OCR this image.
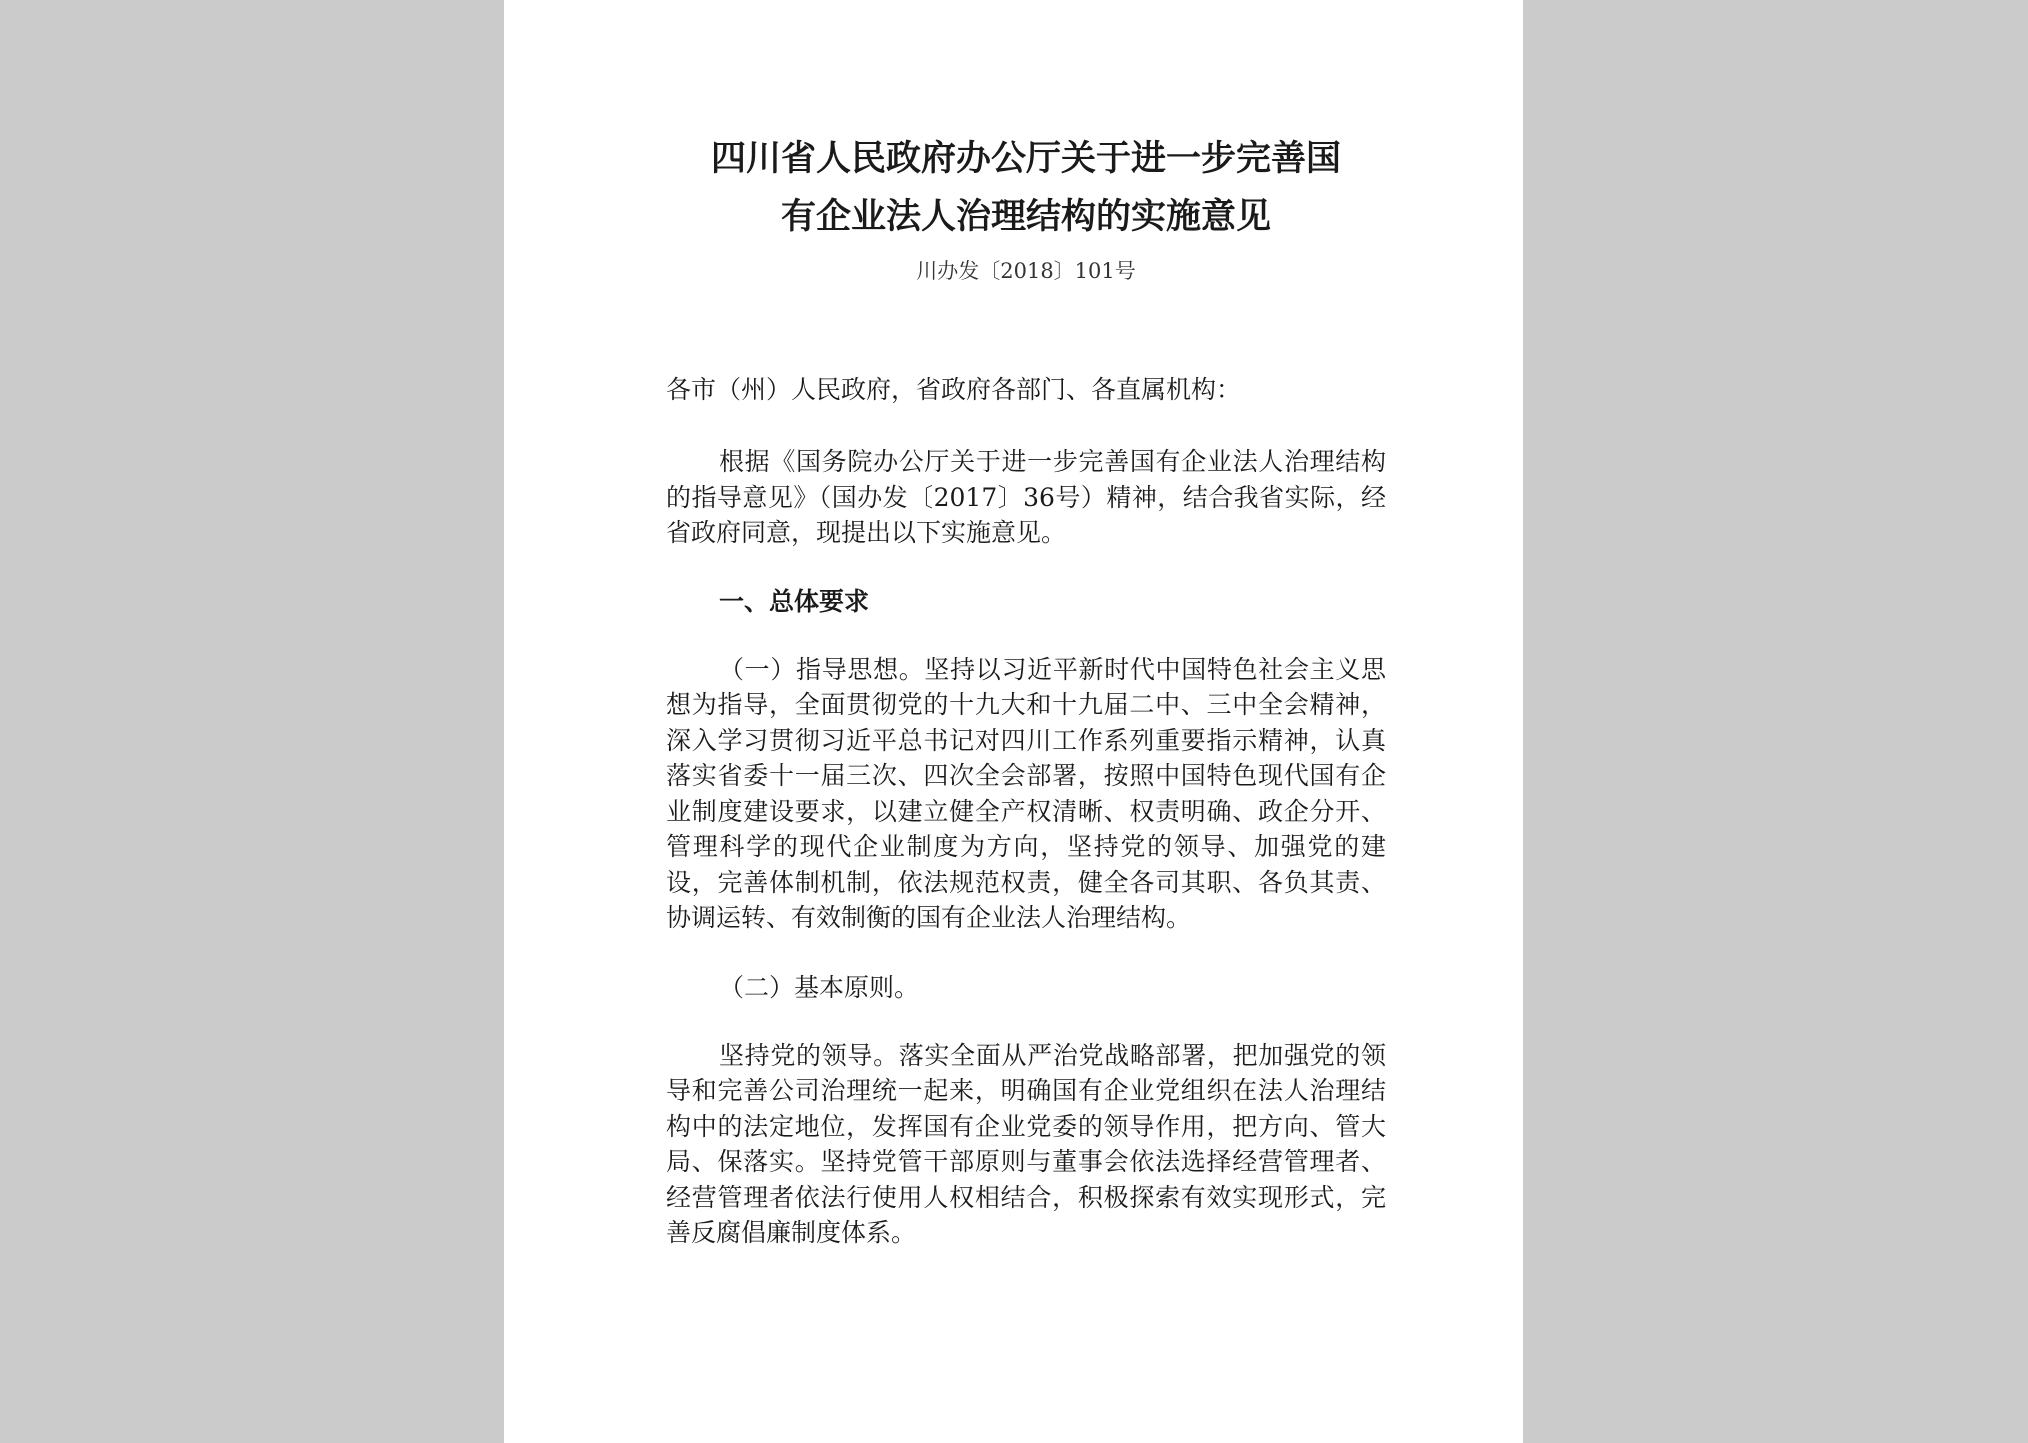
四川省人民政府办公厅关于进一步完善国

有企业法人治理结构的实施意见

川办发〔2018〕101号
各市（州）人民政府，省政府各部门、各直属机构：

根据《国务院办公厅关于进一步完善国有企业法人治理结构的指导意见》（国办发〔2017〕36号）精神，结合我省实际，经省政府同意，现提出以下实施意见。

一、总体要求

（一）指导思想。坚持以习近平新时代中国特色社会主义思想为指导，全面贯彻党的十九大和十九届二中、三中全会精神，深入学习贯彻习近平总书记对四川工作系列重要指示精神，认真落实省委十一届三次、四次全会部署，按照中国特色现代国有企业制度建设要求，以建立健全产权清晰、权责明确、政企分开、管理科学的现代企业制度为方向，坚持党的领导、加强党的建设，完善体制机制，依法规范权责，健全各司其职、各负其责、协调运转、有效制衡的国有企业法人治理结构。

（二）基本原则。

坚持党的领导。落实全面从严治党战略部署，把加强党的领导和完善公司治理统一起来，明确国有企业党组织在法人治理结构中的法定地位，发挥国有企业党委的领导作用，把方向、管大局、保落实。坚持党管干部原则与董事会依法选择经营管理者、经营管理者依法行使用人权相结合，积极探索有效实现形式，完善反腐倡廉制度体系。
